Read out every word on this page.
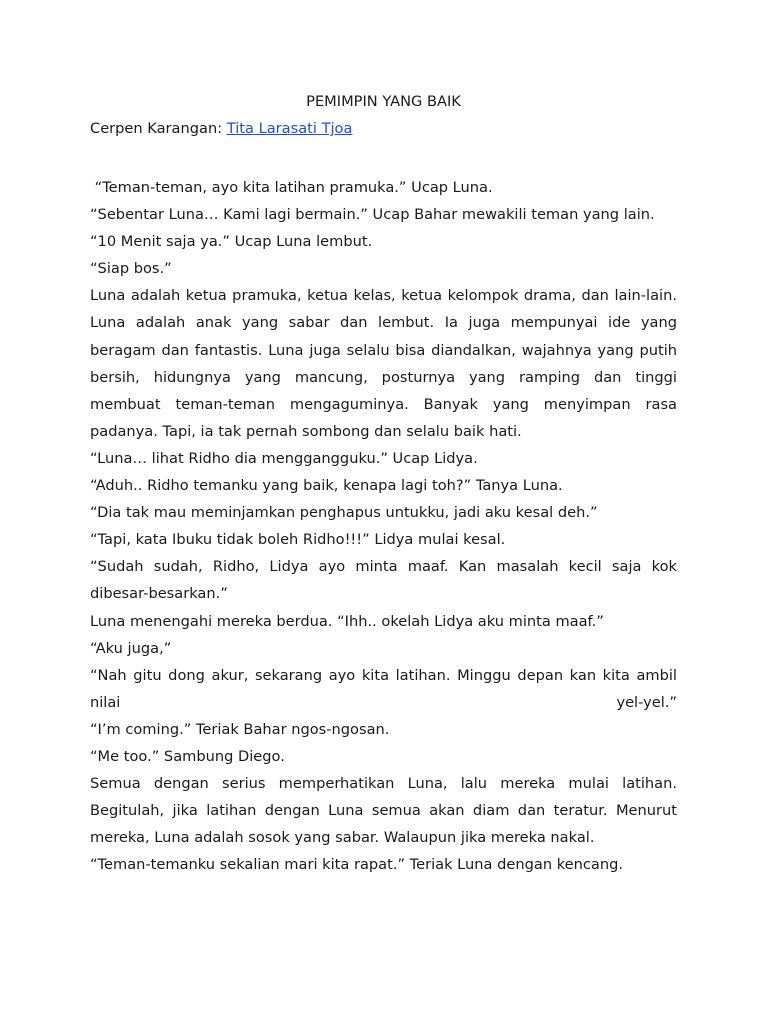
PEMIMPIN YANG BAIK
Cerpen Karangan: Tita Larasati Tjoa

“Teman-teman, ayo kita latihan pramuka.” Ucap Luna.

“Sebentar Luna… Kami lagi bermain.” Ucap Bahar mewakili teman yang lain.

“10 Menit saja ya.” Ucap Luna lembut.

“Siap bos.”

Luna adalah ketua pramuka, ketua kelas, ketua kelompok drama, dan lain-lain. Luna adalah anak yang sabar dan lembut. Ia juga mempunyai ide yang beragam dan fantastis. Luna juga selalu bisa diandalkan, wajahnya yang putih bersih, hidungnya yang mancung, posturnya yang ramping dan tinggi membuat teman-teman mengaguminya. Banyak yang menyimpan rasa padanya. Tapi, ia tak pernah sombong dan selalu baik hati.

“Luna… lihat Ridho dia menggangguku.” Ucap Lidya.

“Aduh.. Ridho temanku yang baik, kenapa lagi toh?” Tanya Luna.

“Dia tak mau meminjamkan penghapus untukku, jadi aku kesal deh.”

“Tapi, kata Ibuku tidak boleh Ridho!!!” Lidya mulai kesal.

“Sudah sudah, Ridho, Lidya ayo minta maaf. Kan masalah kecil saja kok dibesar-besarkan.”

Luna menengahi mereka berdua. “Ihh.. okelah Lidya aku minta maaf.”

“Aku juga,”

“Nah gitu dong akur, sekarang ayo kita latihan. Minggu depan kan kita ambil

nilai	yel-yel.”

“I’m coming.” Teriak Bahar ngos-ngosan.

“Me too.” Sambung Diego.

Semua dengan serius memperhatikan Luna, lalu mereka mulai latihan. Begitulah, jika latihan dengan Luna semua akan diam dan teratur. Menurut mereka, Luna adalah sosok yang sabar. Walaupun jika mereka nakal.

“Teman-temanku sekalian mari kita rapat.” Teriak Luna dengan kencang.
